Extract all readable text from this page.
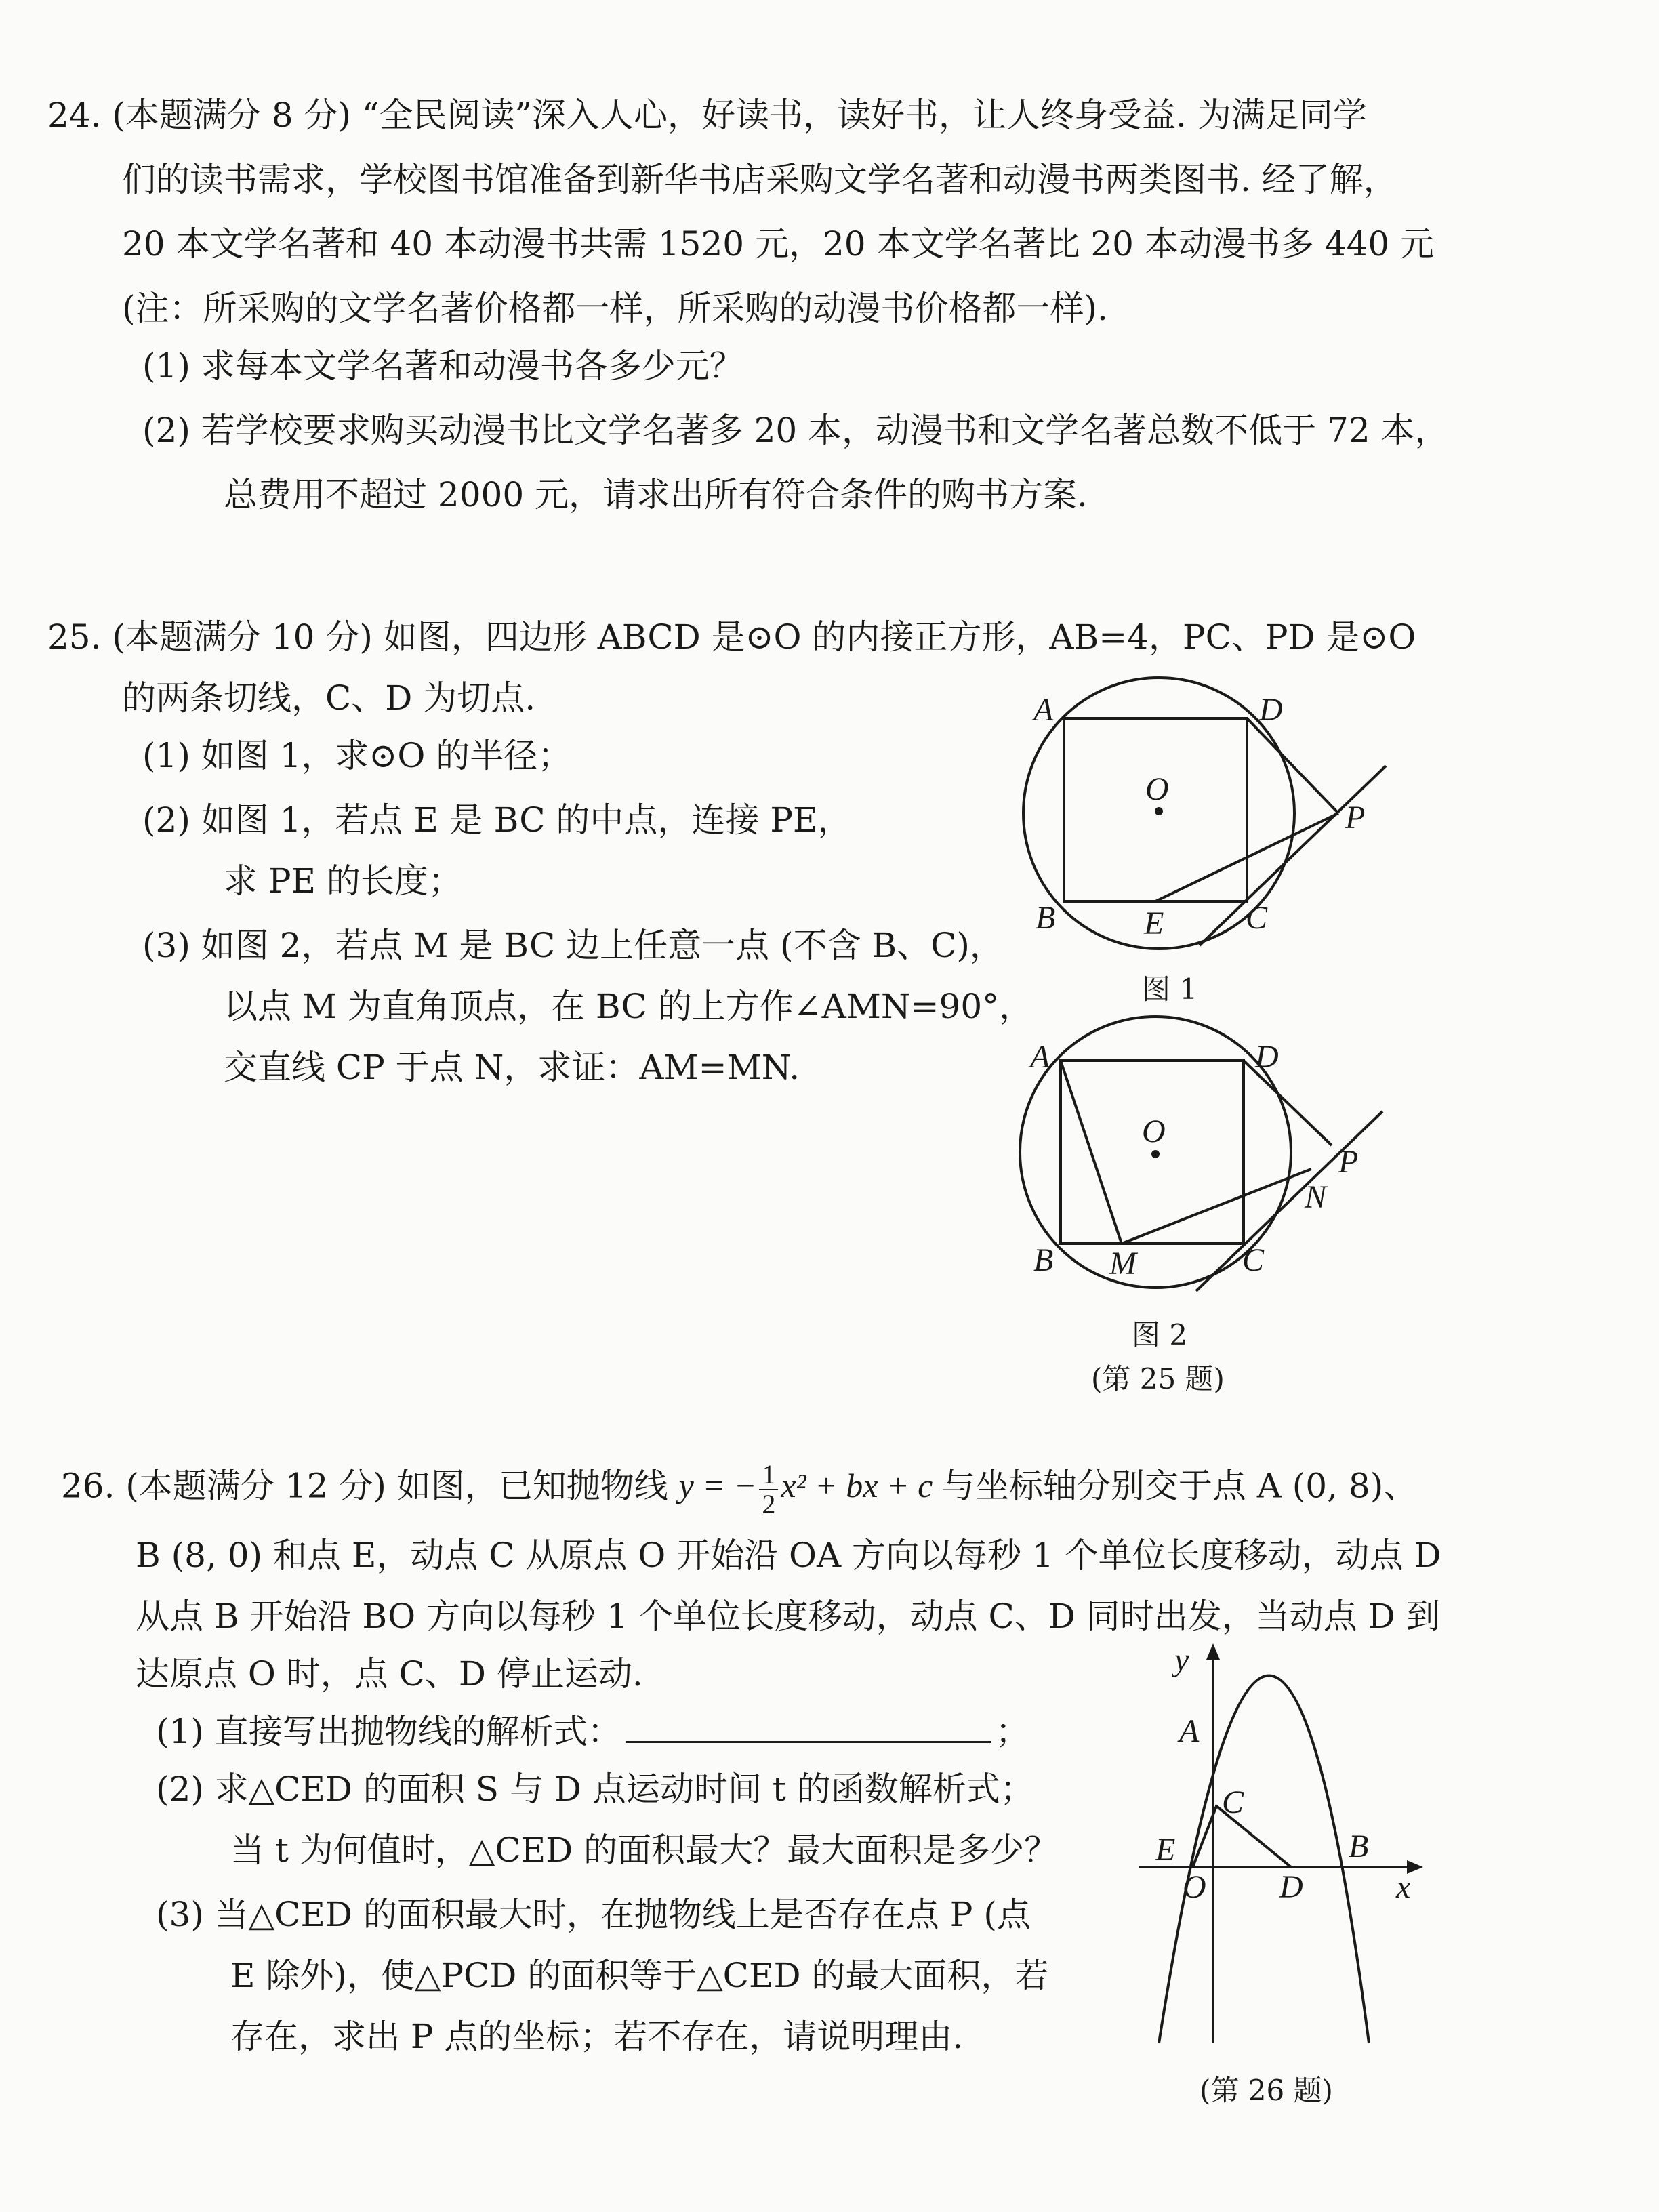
24. (本题满分 8 分) “全民阅读”深入人心，好读书，读好书，让人终身受益. 为满足同学
们的读书需求，学校图书馆准备到新华书店采购文学名著和动漫书两类图书. 经了解，
20 本文学名著和 40 本动漫书共需 1520 元，20 本文学名著比 20 本动漫书多 440 元
(注：所采购的文学名著价格都一样，所采购的动漫书价格都一样).
(1) 求每本文学名著和动漫书各多少元？
(2) 若学校要求购买动漫书比文学名著多 20 本，动漫书和文学名著总数不低于 72 本，
总费用不超过 2000 元，请求出所有符合条件的购书方案.
25. (本题满分 10 分) 如图，四边形 ABCD 是⊙O 的内接正方形，AB=4，PC、PD 是⊙O
的两条切线，C、D 为切点.
(1) 如图 1，求⊙O 的半径；
(2) 如图 1，若点 E 是 BC 的中点，连接 PE，
求 PE 的长度；
(3) 如图 2，若点 M 是 BC 边上任意一点 (不含 B、C)，
以点 M 为直角顶点，在 BC 的上方作∠AMN=90°，
交直线 CP 于点 N，求证：AM=MN.
图 1
图 2
(第 25 题)
26. (本题满分 12 分) 如图，已知抛物线 y = − $\frac{1}{2} x^2$ + bx + c 与坐标轴分别交于点 A (0, 8)、
B (8, 0) 和点 E，动点 C 从原点 O 开始沿 OA 方向以每秒 1 个单位长度移动，动点 D
从点 B 开始沿 BO 方向以每秒 1 个单位长度移动，动点 C、D 同时出发，当动点 D 到
达原点 O 时，点 C、D 停止运动.
(1) 直接写出抛物线的解析式：	；
(2) 求△CED 的面积 S 与 D 点运动时间 t 的函数解析式；
当 t 为何值时，△CED 的面积最大？最大面积是多少？
(3) 当△CED 的面积最大时，在抛物线上是否存在点 P (点
E 除外)，使△PCD 的面积等于△CED 的最大面积，若
存在，求出 P 点的坐标；若不存在，请说明理由.
(第 26 题)
A	D
O
P
B	E	C
A	D
O
P
N
B M	C
y
A
C
E	B
O D	x
